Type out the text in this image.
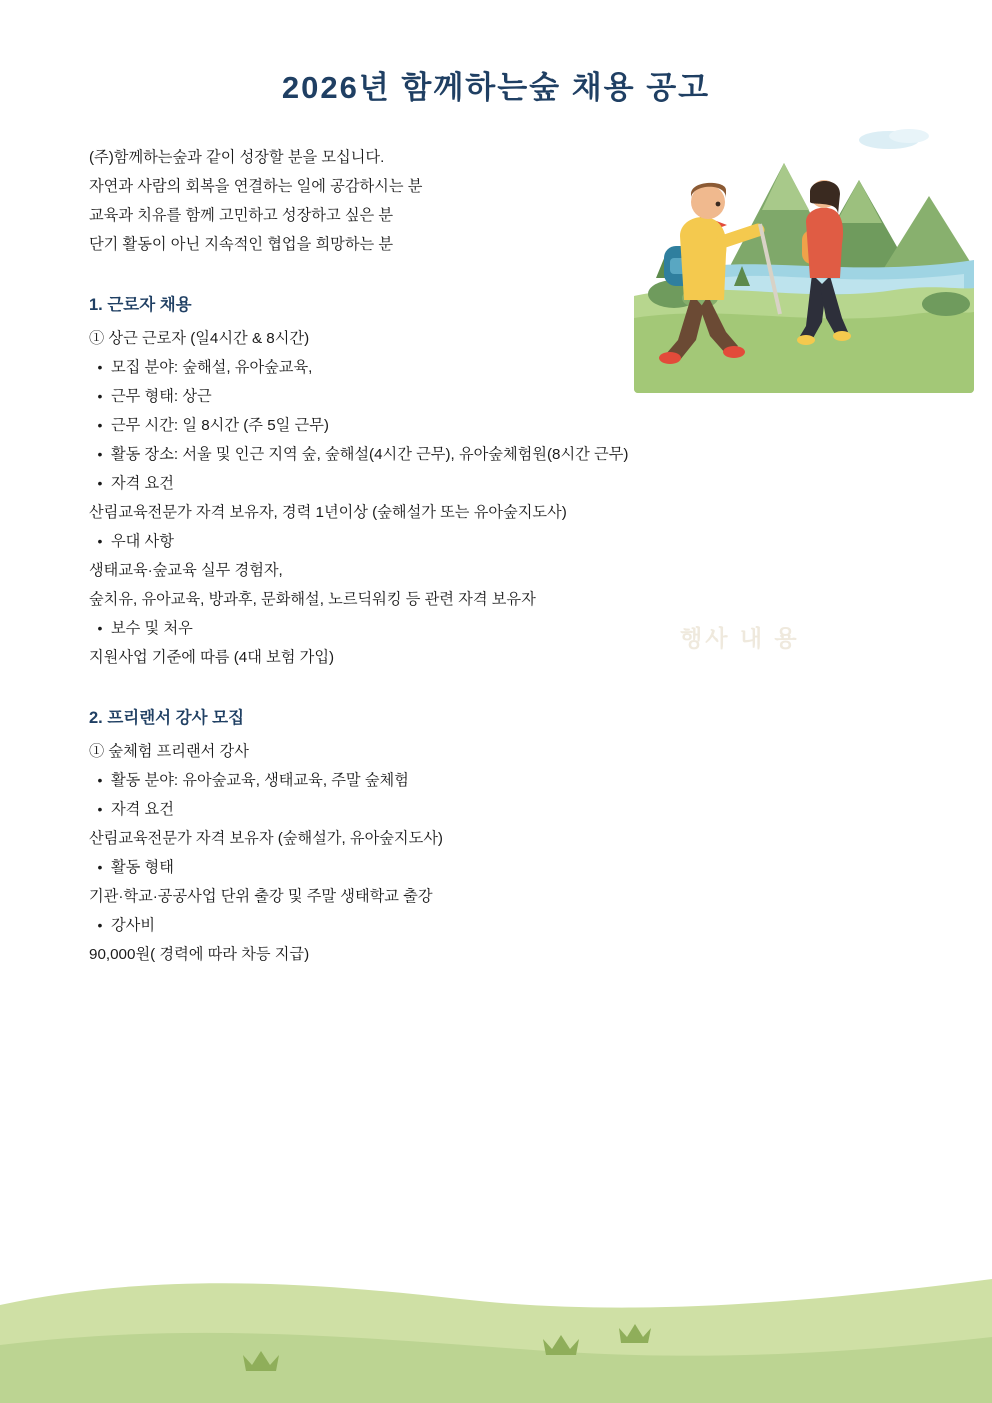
행사 내 용
2026년 함께하는숲 채용 공고
(주)함께하는숲과 같이 성장할 분을 모십니다.
자연과 사람의 회복을 연결하는 일에 공감하시는 분
교육과 치유를 함께 고민하고 성장하고 싶은 분
단기 활동이 아닌 지속적인 협업을 희망하는 분
1. 근로자 채용
① 상근 근로자 (일4시간 & 8시간)
• 모집 분야: 숲해설, 유아숲교육,
• 근무 형태: 상근
• 근무 시간: 일 8시간 (주 5일 근무)
• 활동 장소: 서울 및 인근 지역 숲, 숲해설(4시간 근무), 유아숲체험원(8시간 근무)
• 자격 요건
산림교육전문가 자격 보유자, 경력 1년이상 (숲해설가 또는 유아숲지도사)
• 우대 사항
생태교육·숲교육 실무 경험자,
숲치유, 유아교육, 방과후, 문화해설, 노르딕워킹 등 관련 자격 보유자
• 보수 및 처우
지원사업 기준에 따름 (4대 보험 가입)
2. 프리랜서 강사 모집
① 숲체험 프리랜서 강사
• 활동 분야: 유아숲교육, 생태교육, 주말 숲체험
• 자격 요건
산림교육전문가 자격 보유자 (숲해설가, 유아숲지도사)
• 활동 형태
기관·학교·공공사업 단위 출강 및 주말 생태학교 출강
• 강사비
90,000원( 경력에 따라 차등 지급)
